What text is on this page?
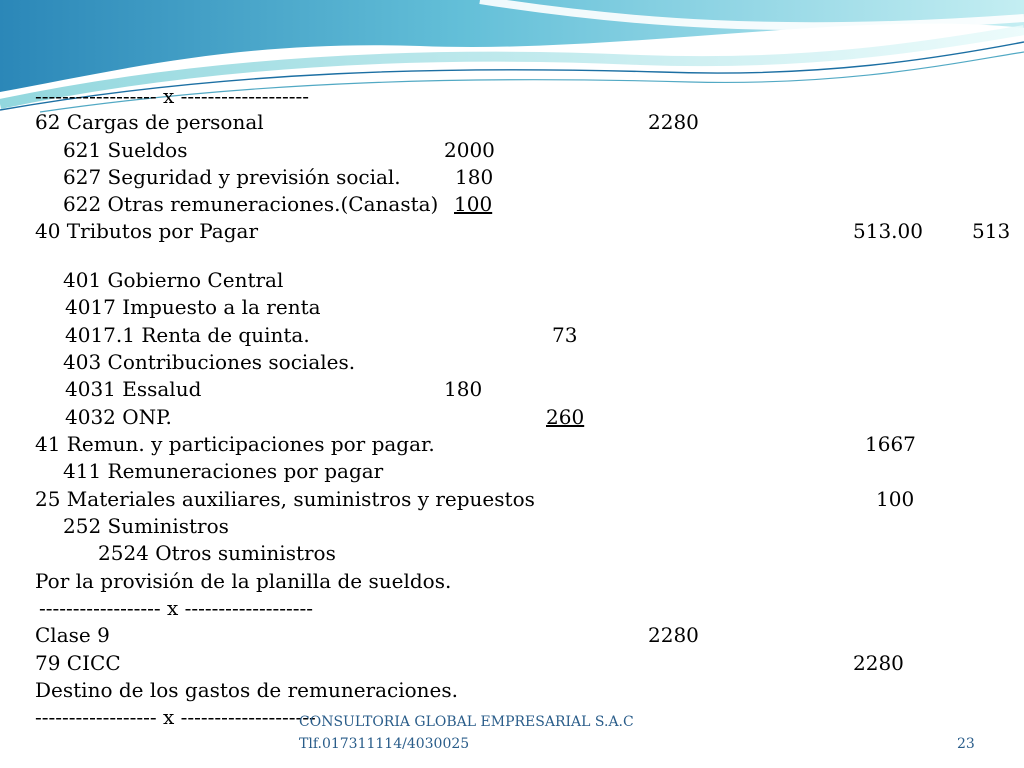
------------------ x -------------------
62 Cargas de personal	2280
621 Sueldos	2000
627 Seguridad y previsión social.	180
622 Otras remuneraciones.(Canasta) 100
40 Tributos por Pagar	513.00 513
401 Gobierno Central
4017 Impuesto a la renta
4017.1 Renta de quinta.	73
403 Contribuciones sociales.
4031 Essalud	180
4032 ONP.	260
41 Remun. y participaciones por pagar.	1667
411 Remuneraciones por pagar
25 Materiales auxiliares, suministros y repuestos	100
252 Suministros
2524 Otros suministros
Por la provisión de la planilla de sueldos.
------------------ x -------------------
Clase 9	2280
79 CICC	2280
Destino de los gastos de remuneraciones.
------------------ x --------------------
CONSULTORIA GLOBAL EMPRESARIAL S.A.C
Tlf.017311114/4030025	23
